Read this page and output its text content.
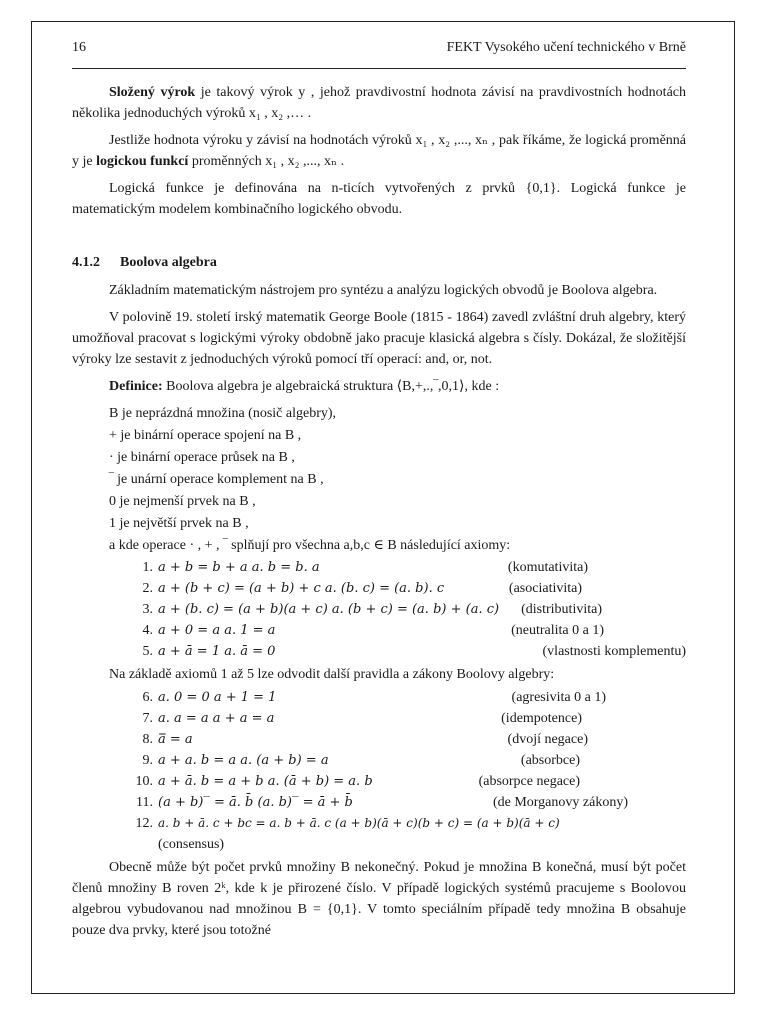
16	FEKT Vysokého učení technického v Brně

Složený výrok je takový výrok y , jehož pravdivostní hodnota závisí na pravdivostních hodnotách několika jednoduchých výroků x₁ , x₂ ,… .

Jestliže hodnota výroku y závisí na hodnotách výroků x₁ , x₂ ,..., xₙ , pak říkáme, že logická proměnná y je logickou funkcí proměnných x₁ , x₂ ,..., xₙ .

Logická funkce je definována na n-ticích vytvořených z prvků {0,1}. Logická funkce je matematickým modelem kombinačního logického obvodu.

4.1.2 Boolova algebra

Základním matematickým nástrojem pro syntézu a analýzu logických obvodů je Boolova algebra.

V polovině 19. století irský matematik George Boole (1815 - 1864) zavedl zvláštní druh algebry, který umožňoval pracovat s logickými výroky obdobně jako pracuje klasická algebra s čísly. Dokázal, že složitější výroky lze sestavit z jednoduchých výroků pomocí tří operací: and, or, not.

Definice: Boolova algebra je algebraická struktura ⟨B,+,.,‾,0,1⟩, kde :

B je neprázdná množina (nosič algebry),
+ je binární operace spojení na B ,
· je binární operace průsek na B ,
‾ je unární operace komplement na B ,
0 je nejmenší prvek na B ,
1 je největší prvek na B ,
a kde operace · , + , ‾ splňují pro všechna a,b,c ∈ B následující axiomy:
1. a + b = b + a a. b = b. a	(komutativita)
2. a + (b + c) = (a + b) + c a. (b. c) = (a. b). c	(asociativita)
3. a + (b. c) = (a + b)(a + c) a. (b + c) = (a. b) + (a. c) (distributivita)
4. a + 0 = a a. 1 = a	(neutralita 0 a 1)
5. a + ā = 1 a. ā = 0	(vlastnosti komplementu)

Na základě axiomů 1 až 5 lze odvodit další pravidla a zákony Boolovy algebry:

6. a. 0 = 0 a + 1 = 1	(agresivita 0 a 1)
7. a. a = a a + a = a	(idempotence)
8. a̿ = a	(dvojí negace)
9. a + a. b = a a. (a + b) = a	(absorbce)
10. a + ā. b = a + b a. (ā + b) = a. b	(absorpce negace)
11. (a + b)‾ = ā. b̄ (a. b)‾ = ā + b̄	(de Morganovy zákony)
12. a. b + ā. c + bc = a. b + ā. c (a + b)(ā + c)(b + c) = (a + b)(ā + c)
(consensus)

Obecně může být počet prvků množiny B nekonečný. Pokud je množina B konečná, musí být počet členů množiny B roven 2ᵏ, kde k je přirozené číslo. V případě logických systémů pracujeme s Boolovou algebrou vybudovanou nad množinou B = {0,1}. V tomto speciálním případě tedy množina B obsahuje pouze dva prvky, které jsou totožné
